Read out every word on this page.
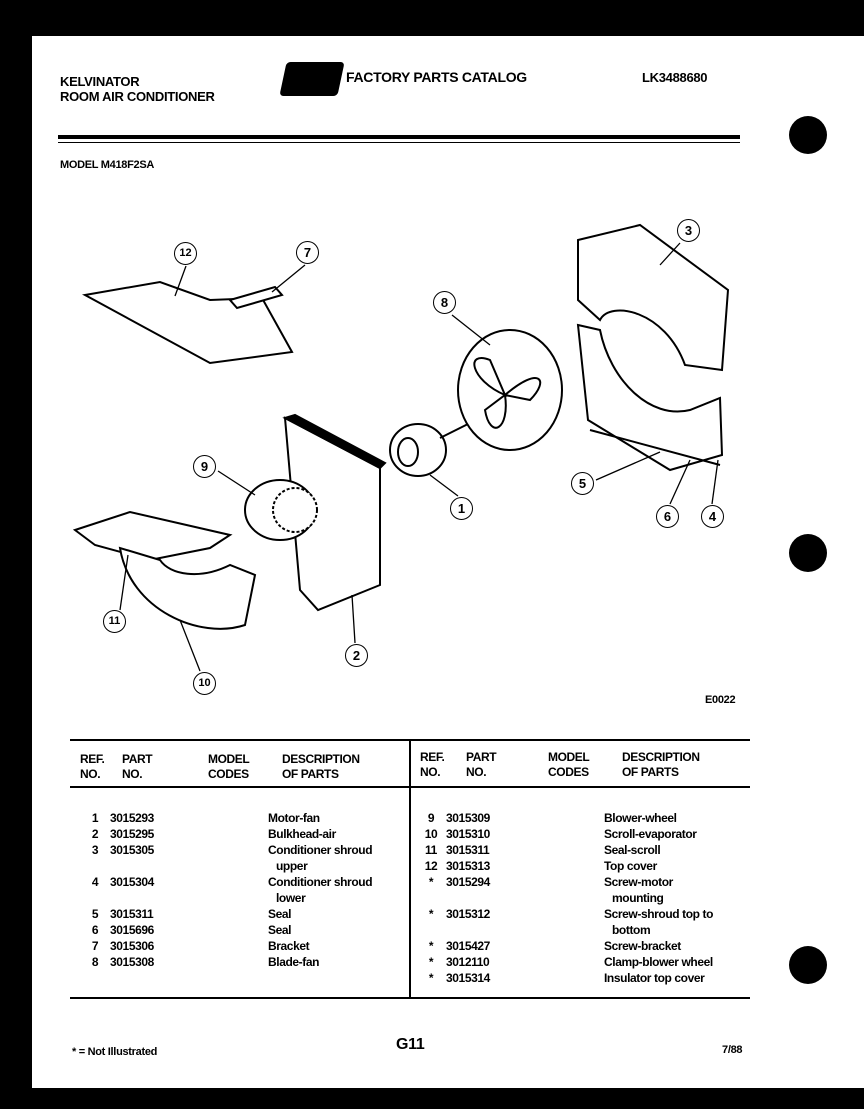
KELVINATOR
ROOM AIR CONDITIONER
FACTORY PARTS CATALOG	LK3488680
MODEL M418F2SA
1
2
3
4
5
6
7
8
9
10
11
12
E0022
REF.
NO.
PART
NO.
MODEL
CODES
DESCRIPTION
OF PARTS
1 3015293	Motor-fan
2 3015295	Bulkhead-air
3 3015305	Conditioner shroud
upper
4 3015304	Conditioner shroud
lower
5 3015311	Seal
6 3015696	Seal
7 3015306	Bracket
8 3015308	Blade-fan
REF.
NO.
PART
NO.
MODEL
CODES
DESCRIPTION
OF PARTS
9 3015309	Blower-wheel
10 3015310	Scroll-evaporator
11 3015311	Seal-scroll
12 3015313	Top cover
*	3015294	Screw-motor
mounting
*	3015312	Screw-shroud top to
bottom
*	3015427	Screw-bracket
*	3012110	Clamp-blower wheel
*	3015314	Insulator top cover
* = Not Illustrated	G11	7/88
